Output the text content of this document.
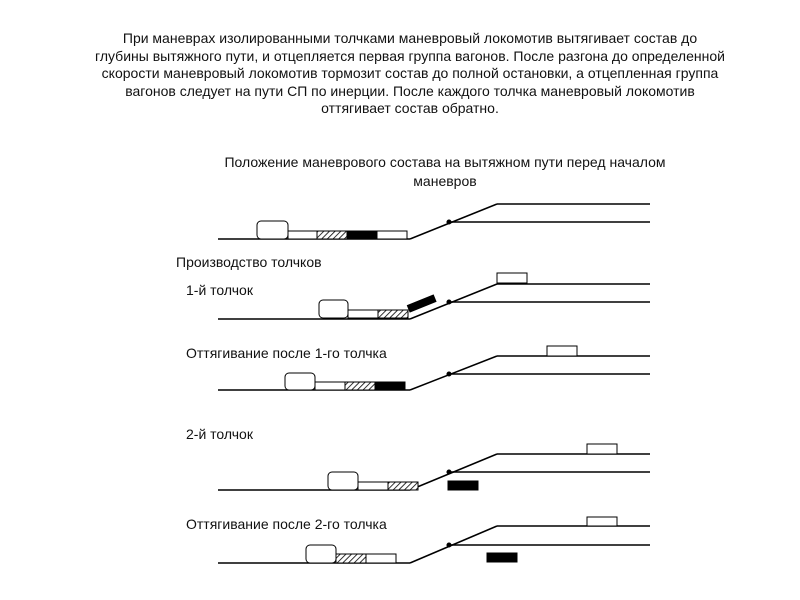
При маневрах изолированными толчками маневровый локомотив вытягивает состав до
глубины вытяжного пути, и отцепляется первая группа вагонов. После разгона до определенной
скорости маневровый локомотив тормозит состав до полной остановки, а отцепленная группа
вагонов следует на пути СП по инерции. После каждого толчка маневровый локомотив
оттягивает состав обратно.
Положение маневрового состава на вытяжном пути перед началом
маневров
Производство толчков
1-й толчок
Оттягивание после 1-го толчка
2-й толчок
Оттягивание после 2-го толчка
